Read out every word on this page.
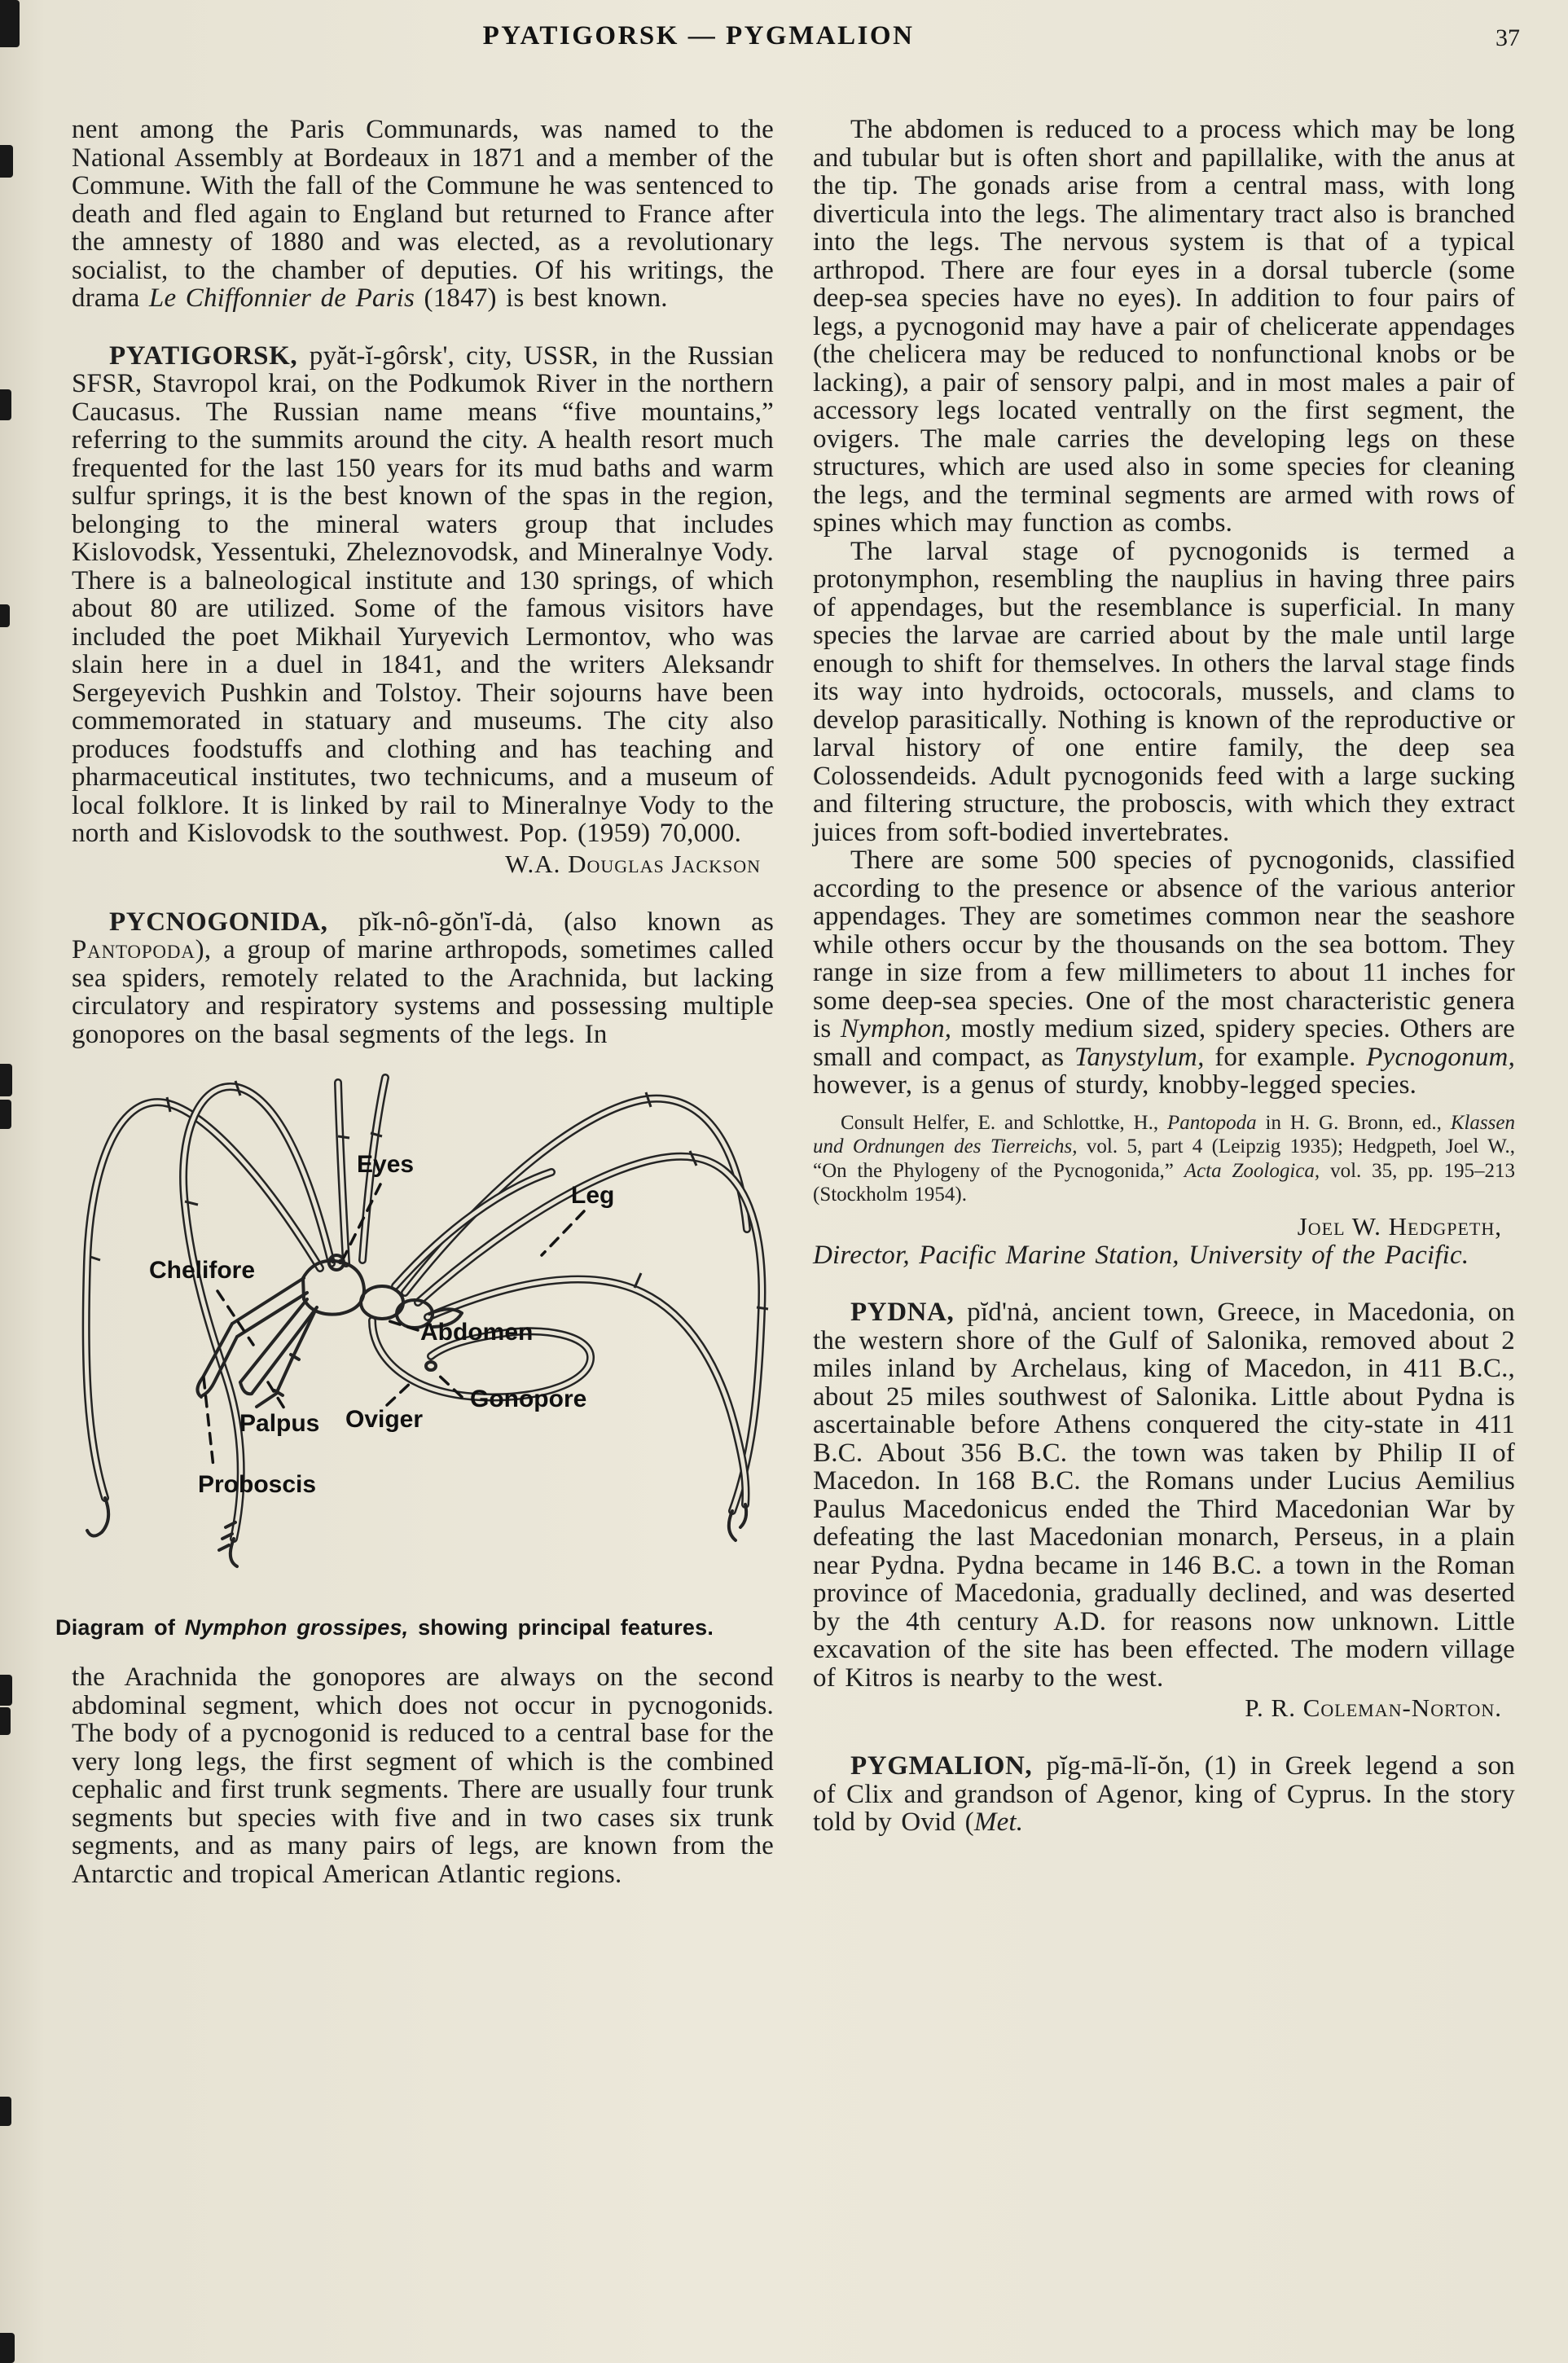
PYATIGORSK — PYGMALION	37

nent among the Paris Communards, was named to the National Assembly at Bordeaux in 1871 and a member of the Commune. With the fall of the Commune he was sentenced to death and fled again to England but returned to France after the amnesty of 1880 and was elected, as a revolutionary socialist, to the chamber of deputies. Of his writings, the drama Le Chiffonnier de Paris (1847) is best known.

PYATIGORSK, pyăt-ĭ-gôrsk', city, USSR, in the Russian SFSR, Stavropol krai, on the Podkumok River in the northern Caucasus. The Russian name means “five mountains,” referring to the summits around the city. A health resort much frequented for the last 150 years for its mud baths and warm sulfur springs, it is the best known of the spas in the region, belonging to the mineral waters group that includes Kislovodsk, Yessentuki, Zheleznovodsk, and Mineralnye Vody. There is a balneological institute and 130 springs, of which about 80 are utilized. Some of the famous visitors have included the poet Mikhail Yuryevich Lermontov, who was slain here in a duel in 1841, and the writers Aleksandr Sergeyevich Pushkin and Tolstoy. Their sojourns have been commemorated in statuary and museums. The city also produces foodstuffs and clothing and has teaching and pharmaceutical institutes, two technicums, and a museum of local folklore. It is linked by rail to Mineralnye Vody to the north and Kislovodsk to the southwest. Pop. (1959) 70,000.

W.A. Douglas Jackson

PYCNOGONIDA, pĭk-nô-gŏn'ĭ-dȧ, (also known as Pantopoda), a group of marine arthropods, sometimes called sea spiders, remotely related to the Arachnida, but lacking circulatory and respiratory systems and possessing multiple gonopores on the basal segments of the legs. In

Eyes
Leg
Chelifore
Abdomen
Gonopore
Oviger
Palpus
Proboscis
Diagram of Nymphon grossipes, showing principal features.

the Arachnida the gonopores are always on the second abdominal segment, which does not occur in pycnogonids. The body of a pycnogonid is reduced to a central base for the very long legs, the first segment of which is the combined cephalic and first trunk segments. There are usually four trunk segments but species with five and in two cases six trunk segments, and as many pairs of legs, are known from the Antarctic and tropical American Atlantic regions.

The abdomen is reduced to a process which may be long and tubular but is often short and papillalike, with the anus at the tip. The gonads arise from a central mass, with long diverticula into the legs. The alimentary tract also is branched into the legs. The nervous system is that of a typical arthropod. There are four eyes in a dorsal tubercle (some deep-sea species have no eyes). In addition to four pairs of legs, a pycnogonid may have a pair of chelicerate appendages (the chelicera may be reduced to nonfunctional knobs or be lacking), a pair of sensory palpi, and in most males a pair of accessory legs located ventrally on the first segment, the ovigers. The male carries the developing legs on these structures, which are used also in some species for cleaning the legs, and the terminal segments are armed with rows of spines which may function as combs.

The larval stage of pycnogonids is termed a protonymphon, resembling the nauplius in having three pairs of appendages, but the resemblance is superficial. In many species the larvae are carried about by the male until large enough to shift for themselves. In others the larval stage finds its way into hydroids, octocorals, mussels, and clams to develop parasitically. Nothing is known of the reproductive or larval history of one entire family, the deep sea Colossendeids. Adult pycnogonids feed with a large sucking and filtering structure, the proboscis, with which they extract juices from soft-bodied invertebrates.

There are some 500 species of pycnogonids, classified according to the presence or absence of the various anterior appendages. They are sometimes common near the seashore while others occur by the thousands on the sea bottom. They range in size from a few millimeters to about 11 inches for some deep-sea species. One of the most characteristic genera is Nymphon, mostly medium sized, spidery species. Others are small and compact, as Tanystylum, for example. Pycnogonum, however, is a genus of sturdy, knobby-legged species.

Consult Helfer, E. and Schlottke, H., Pantopoda in H. G. Bronn, ed., Klassen und Ordnungen des Tierreichs, vol. 5, part 4 (Leipzig 1935); Hedgpeth, Joel W., “On the Phylogeny of the Pycnogonida,” Acta Zoologica, vol. 35, pp. 195–213 (Stockholm 1954).

Joel W. Hedgpeth,

Director, Pacific Marine Station, University of the Pacific.

PYDNA, pĭd'nȧ, ancient town, Greece, in Macedonia, on the western shore of the Gulf of Salonika, removed about 2 miles inland by Archelaus, king of Macedon, in 411 B.C., about 25 miles southwest of Salonika. Little about Pydna is ascertainable before Athens conquered the city-state in 411 B.C. About 356 B.C. the town was taken by Philip II of Macedon. In 168 B.C. the Romans under Lucius Aemilius Paulus Macedonicus ended the Third Macedonian War by defeating the last Macedonian monarch, Perseus, in a plain near Pydna. Pydna became in 146 B.C. a town in the Roman province of Macedonia, gradually declined, and was deserted by the 4th century A.D. for reasons now unknown. Little excavation of the site has been effected. The modern village of Kitros is nearby to the west.

P. R. Coleman-Norton.

PYGMALION, pĭg-mā-lĭ-ŏn, (1) in Greek legend a son of Clix and grandson of Agenor, king of Cyprus. In the story told by Ovid (Met.
